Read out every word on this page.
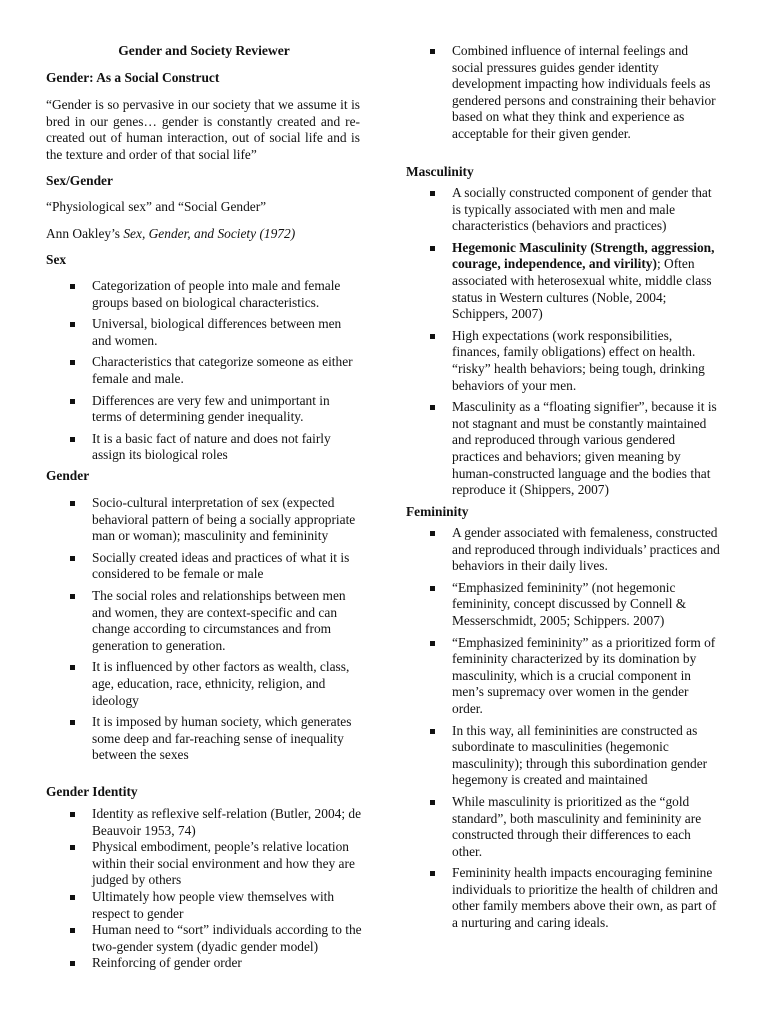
Gender and Society Reviewer
Gender: As a Social Construct
“Gender is so pervasive in our society that we assume it is bred in our genes… gender is constantly created and re-created out of human interaction, out of social life and is the texture and order of that social life”
Sex/Gender
“Physiological sex” and “Social Gender”
Ann Oakley’s Sex, Gender, and Society (1972)
Sex
Categorization of people into male and female groups based on biological characteristics.
Universal, biological differences between men and women.
Characteristics that categorize someone as either female and male.
Differences are very few and unimportant in terms of determining gender inequality.
It is a basic fact of nature and does not fairly assign its biological roles
Gender
Socio-cultural interpretation of sex (expected behavioral pattern of being a socially appropriate man or woman); masculinity and femininity
Socially created ideas and practices of what it is considered to be female or male
The social roles and relationships between men and women, they are context-specific and can change according to circumstances and from generation to generation.
It is influenced by other factors as wealth, class, age, education, race, ethnicity, religion, and ideology
It is imposed by human society, which generates some deep and far-reaching sense of inequality between the sexes
Gender Identity
Identity as reflexive self-relation (Butler, 2004; de Beauvoir 1953, 74)
Physical embodiment, people’s relative location within their social environment and how they are judged by others
Ultimately how people view themselves with respect to gender
Human need to “sort” individuals according to the two-gender system (dyadic gender model)
Reinforcing of gender order
Combined influence of internal feelings and social pressures guides gender identity development impacting how individuals feels as gendered persons and constraining their behavior based on what they think and experience as acceptable for their given gender.
Masculinity
A socially constructed component of gender that is typically associated with men and male characteristics (behaviors and practices)
Hegemonic Masculinity (Strength, aggression, courage, independence, and virility); Often associated with heterosexual white, middle class status in Western cultures (Noble, 2004; Schippers, 2007)
High expectations (work responsibilities, finances, family obligations) effect on health. “risky” health behaviors; being tough, drinking behaviors of your men.
Masculinity as a “floating signifier”, because it is not stagnant and must be constantly maintained and reproduced through various gendered practices and behaviors; given meaning by human-constructed language and the bodies that reproduce it (Shippers, 2007)
Femininity
A gender associated with femaleness, constructed and reproduced through individuals’ practices and behaviors in their daily lives.
“Emphasized femininity” (not hegemonic femininity, concept discussed by Connell & Messerschmidt, 2005; Schippers. 2007)
“Emphasized femininity” as a prioritized form of femininity characterized by its domination by masculinity, which is a crucial component in men’s supremacy over women in the gender order.
In this way, all femininities are constructed as subordinate to masculinities (hegemonic masculinity); through this subordination gender hegemony is created and maintained
While masculinity is prioritized as the “gold standard”, both masculinity and femininity are constructed through their differences to each other.
Femininity health impacts encouraging feminine individuals to prioritize the health of children and other family members above their own, as part of a nurturing and caring ideals.
